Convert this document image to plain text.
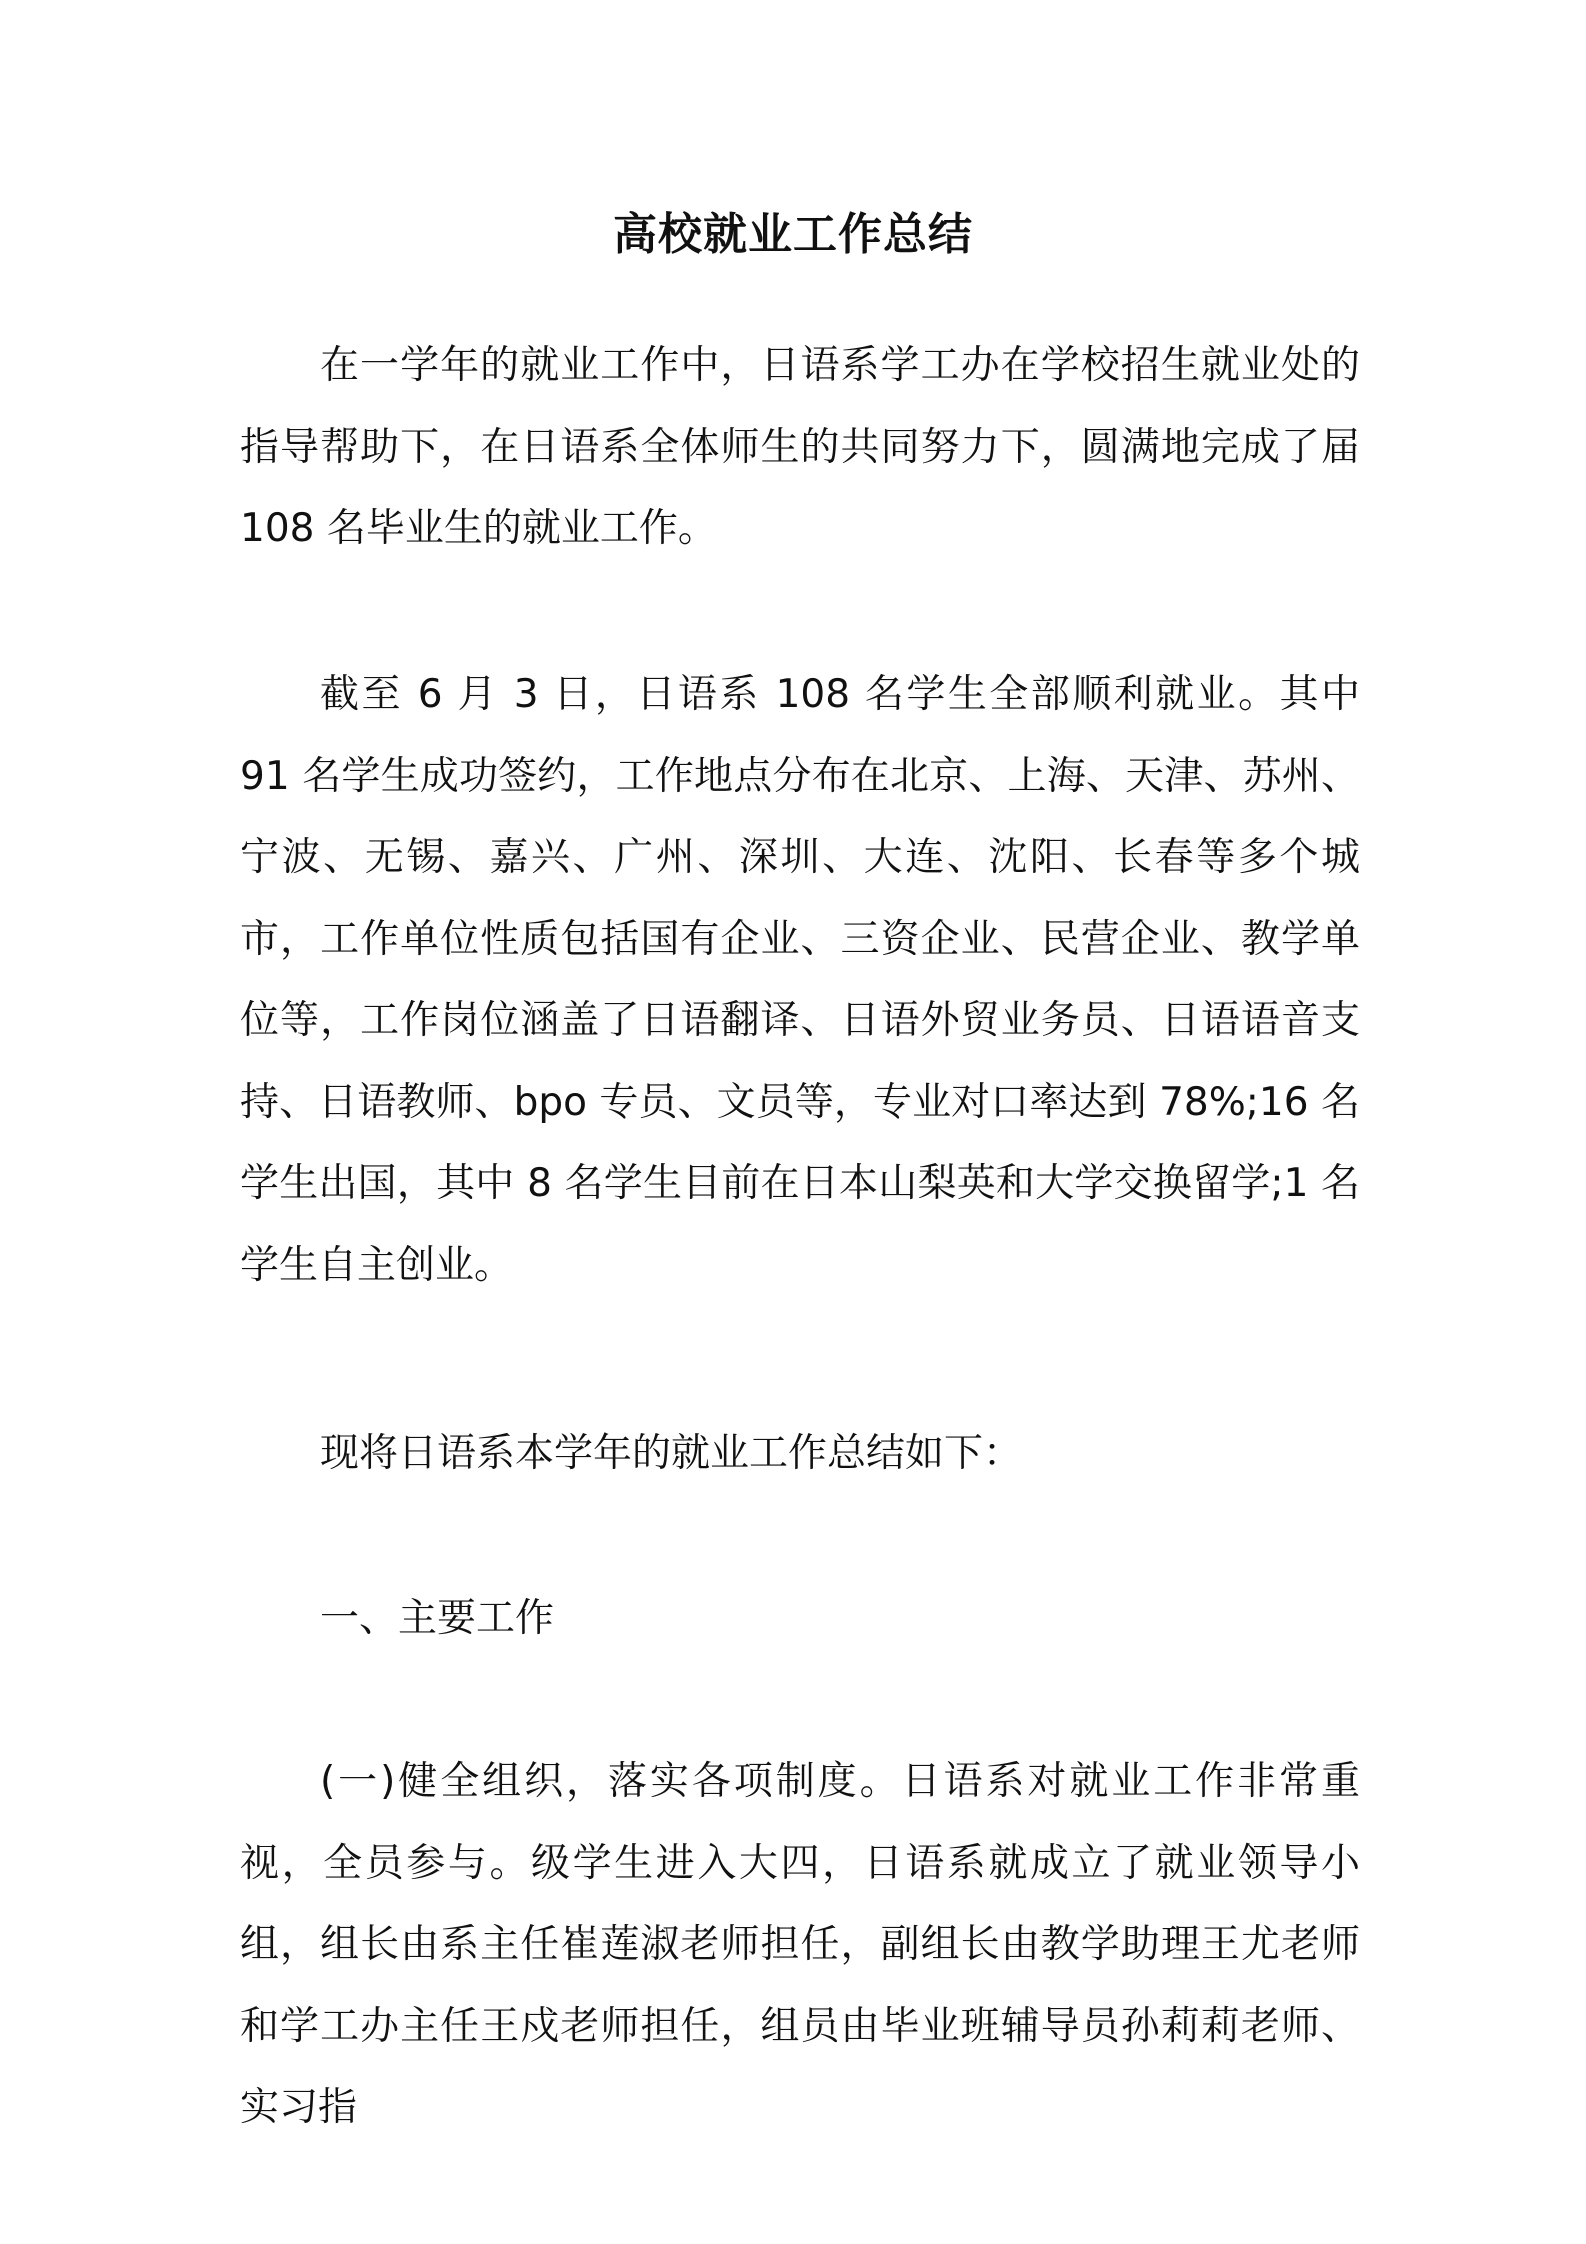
高校就业工作总结

在一学年的就业工作中，日语系学工办在学校招生就业处的指导帮助下，在日语系全体师生的共同努力下，圆满地完成了届 108 名毕业生的就业工作。

截至 6 月 3 日，日语系 108 名学生全部顺利就业。其中 91 名学生成功签约，工作地点分布在北京、上海、天津、苏州、宁波、无锡、嘉兴、广州、深圳、大连、沈阳、长春等多个城市，工作单位性质包括国有企业、三资企业、民营企业、教学单位等，工作岗位涵盖了日语翻译、日语外贸业务员、日语语音支持、日语教师、bpo 专员、文员等，专业对口率达到 78%;16 名学生出国，其中 8 名学生目前在日本山梨英和大学交换留学;1 名学生自主创业。

现将日语系本学年的就业工作总结如下：

一、主要工作

(一)健全组织，落实各项制度。日语系对就业工作非常重视，全员参与。级学生进入大四，日语系就成立了就业领导小组，组长由系主任崔莲淑老师担任，副组长由教学助理王尤老师和学工办主任王戍老师担任，组员由毕业班辅导员孙莉莉老师、实习指
